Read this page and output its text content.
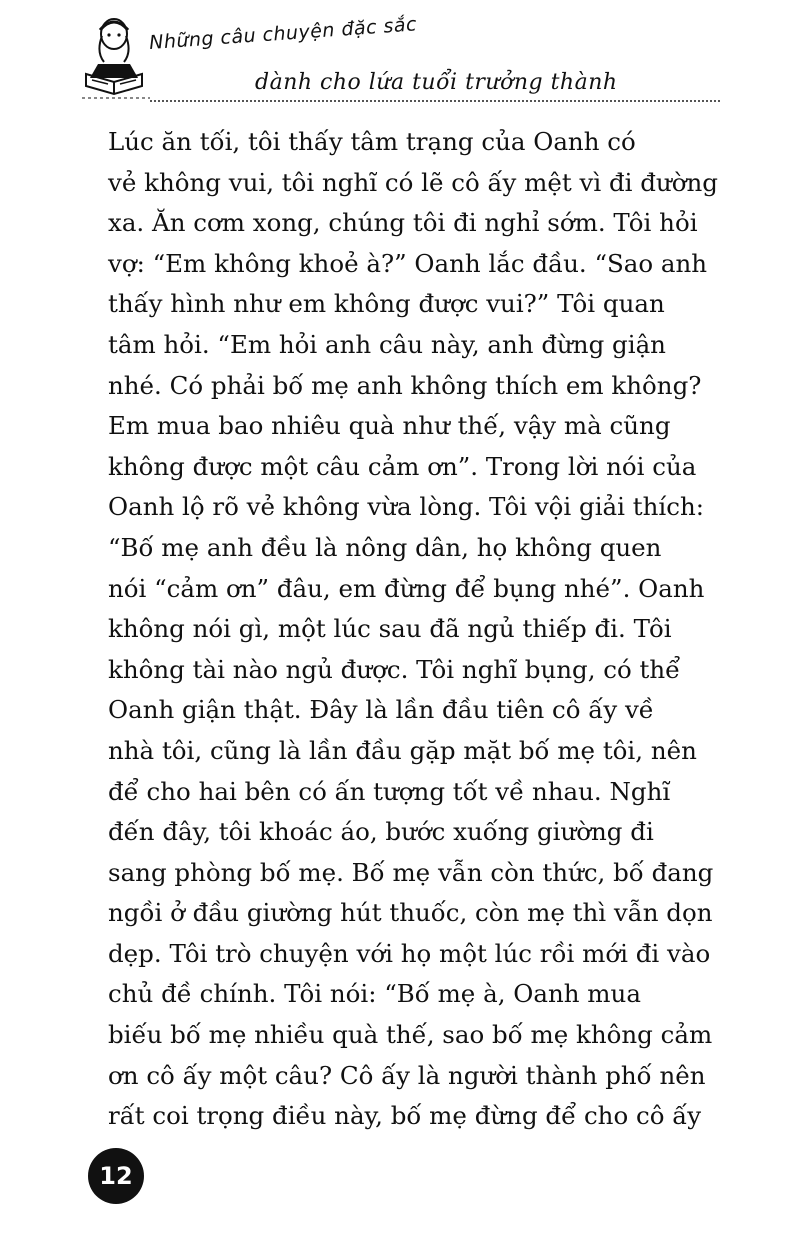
Những câu chuyện đặc sắc
dành cho lứa tuổi trưởng thành
Lúc ăn tối, tôi thấy tâm trạng của Oanh có
vẻ không vui, tôi nghĩ có lẽ cô ấy mệt vì đi đường
xa. Ăn cơm xong, chúng tôi đi nghỉ sớm. Tôi hỏi
vợ: “Em không khoẻ à?” Oanh lắc đầu. “Sao anh
thấy hình như em không được vui?” Tôi quan
tâm hỏi. “Em hỏi anh câu này, anh đừng giận
nhé. Có phải bố mẹ anh không thích em không?
Em mua bao nhiêu quà như thế, vậy mà cũng
không được một câu cảm ơn”. Trong lời nói của
Oanh lộ rõ vẻ không vừa lòng. Tôi vội giải thích:
“Bố mẹ anh đều là nông dân, họ không quen
nói “cảm ơn” đâu, em đừng để bụng nhé”. Oanh
không nói gì, một lúc sau đã ngủ thiếp đi. Tôi
không tài nào ngủ được. Tôi nghĩ bụng, có thể
Oanh giận thật. Đây là lần đầu tiên cô ấy về
nhà tôi, cũng là lần đầu gặp mặt bố mẹ tôi, nên
để cho hai bên có ấn tượng tốt về nhau. Nghĩ
đến đây, tôi khoác áo, bước xuống giường đi
sang phòng bố mẹ. Bố mẹ vẫn còn thức, bố đang
ngồi ở đầu giường hút thuốc, còn mẹ thì vẫn dọn
dẹp. Tôi trò chuyện với họ một lúc rồi mới đi vào
chủ đề chính. Tôi nói: “Bố mẹ à, Oanh mua
biếu bố mẹ nhiều quà thế, sao bố mẹ không cảm
ơn cô ấy một câu? Cô ấy là người thành phố nên
rất coi trọng điều này, bố mẹ đừng để cho cô ấy
12
